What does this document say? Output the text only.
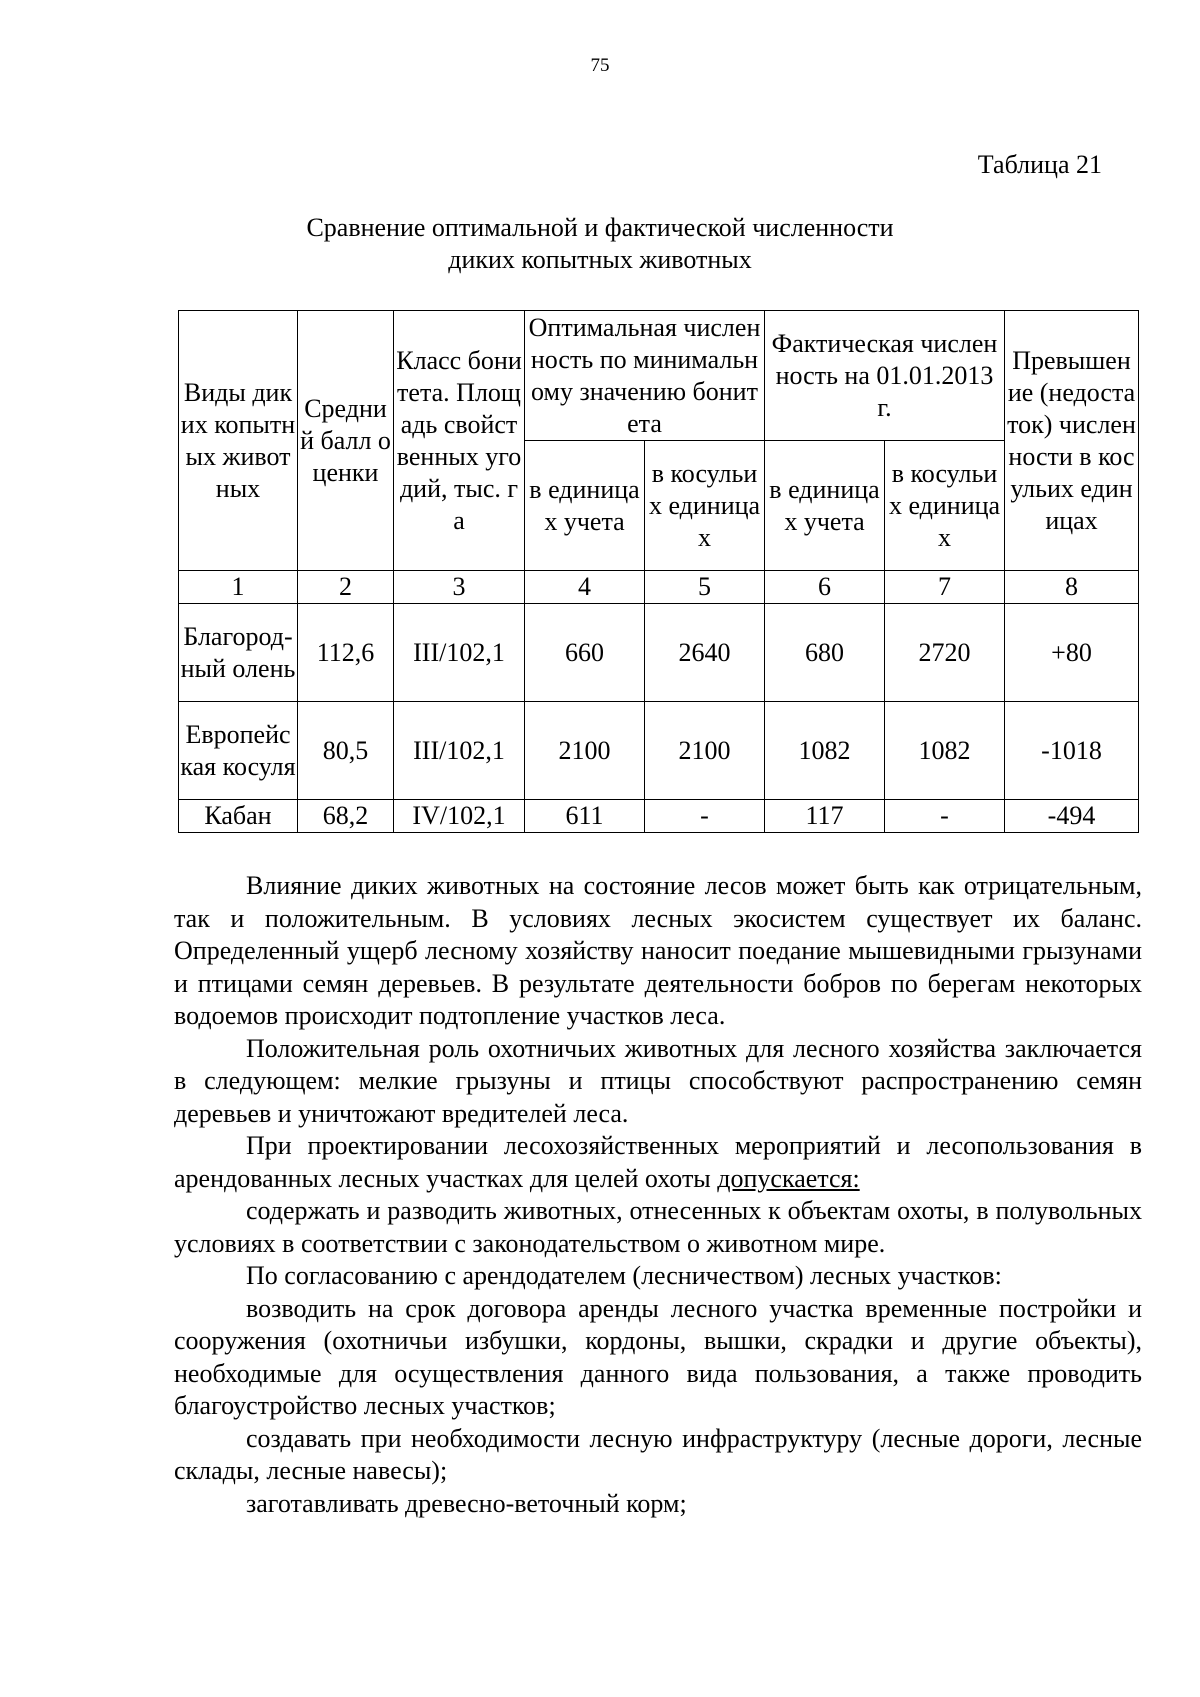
75
Таблица 21
Сравнение оптимальной и фактической численности
диких копытных животных
Виды диких копытных животных	Средний балл оценки	Класс бонитета. Площадь свойственных угодий, тыс. га	Оптимальная численность по минимальному значению бонитета		Фактическая численность на 01.01.2013 г.		Превышение (недостаток) численности в косульих единицах
			в единицах учета	в косульих единицах	в единицах учета	в косульих единицах	
1	2	3	4	5	6	7	8
Благород-ный олень	112,6	III/102,1	660	2640	680	2720	+80
Европейская косуля	80,5	III/102,1	2100	2100	1082	1082	-1018
Кабан	68,2	IV/102,1	611	-	117	-	-494

Влияние диких животных на состояние лесов может быть как отрицательным, так и положительным. В условиях лесных экосистем существует их баланс. Определенный ущерб лесному хозяйству наносит поедание мышевидными грызунами и птицами семян деревьев. В результате деятельности бобров по берегам некоторых водоемов происходит подтопление участков леса.

Положительная роль охотничьих животных для лесного хозяйства заключается в следующем: мелкие грызуны и птицы способствуют распространению семян деревьев и уничтожают вредителей леса.

При проектировании лесохозяйственных мероприятий и лесопользования в арендованных лесных участках для целей охоты допускается:

содержать и разводить животных, отнесенных к объектам охоты, в полувольных условиях в соответствии с законодательством о животном мире.

По согласованию с арендодателем (лесничеством) лесных участков:

возводить на срок договора аренды лесного участка временные постройки и сооружения (охотничьи избушки, кордоны, вышки, скрадки и другие объекты), необходимые для осуществления данного вида пользования, а также проводить благоустройство лесных участков;

создавать при необходимости лесную инфраструктуру (лесные дороги, лесные склады, лесные навесы);

заготавливать древесно-веточный корм;
